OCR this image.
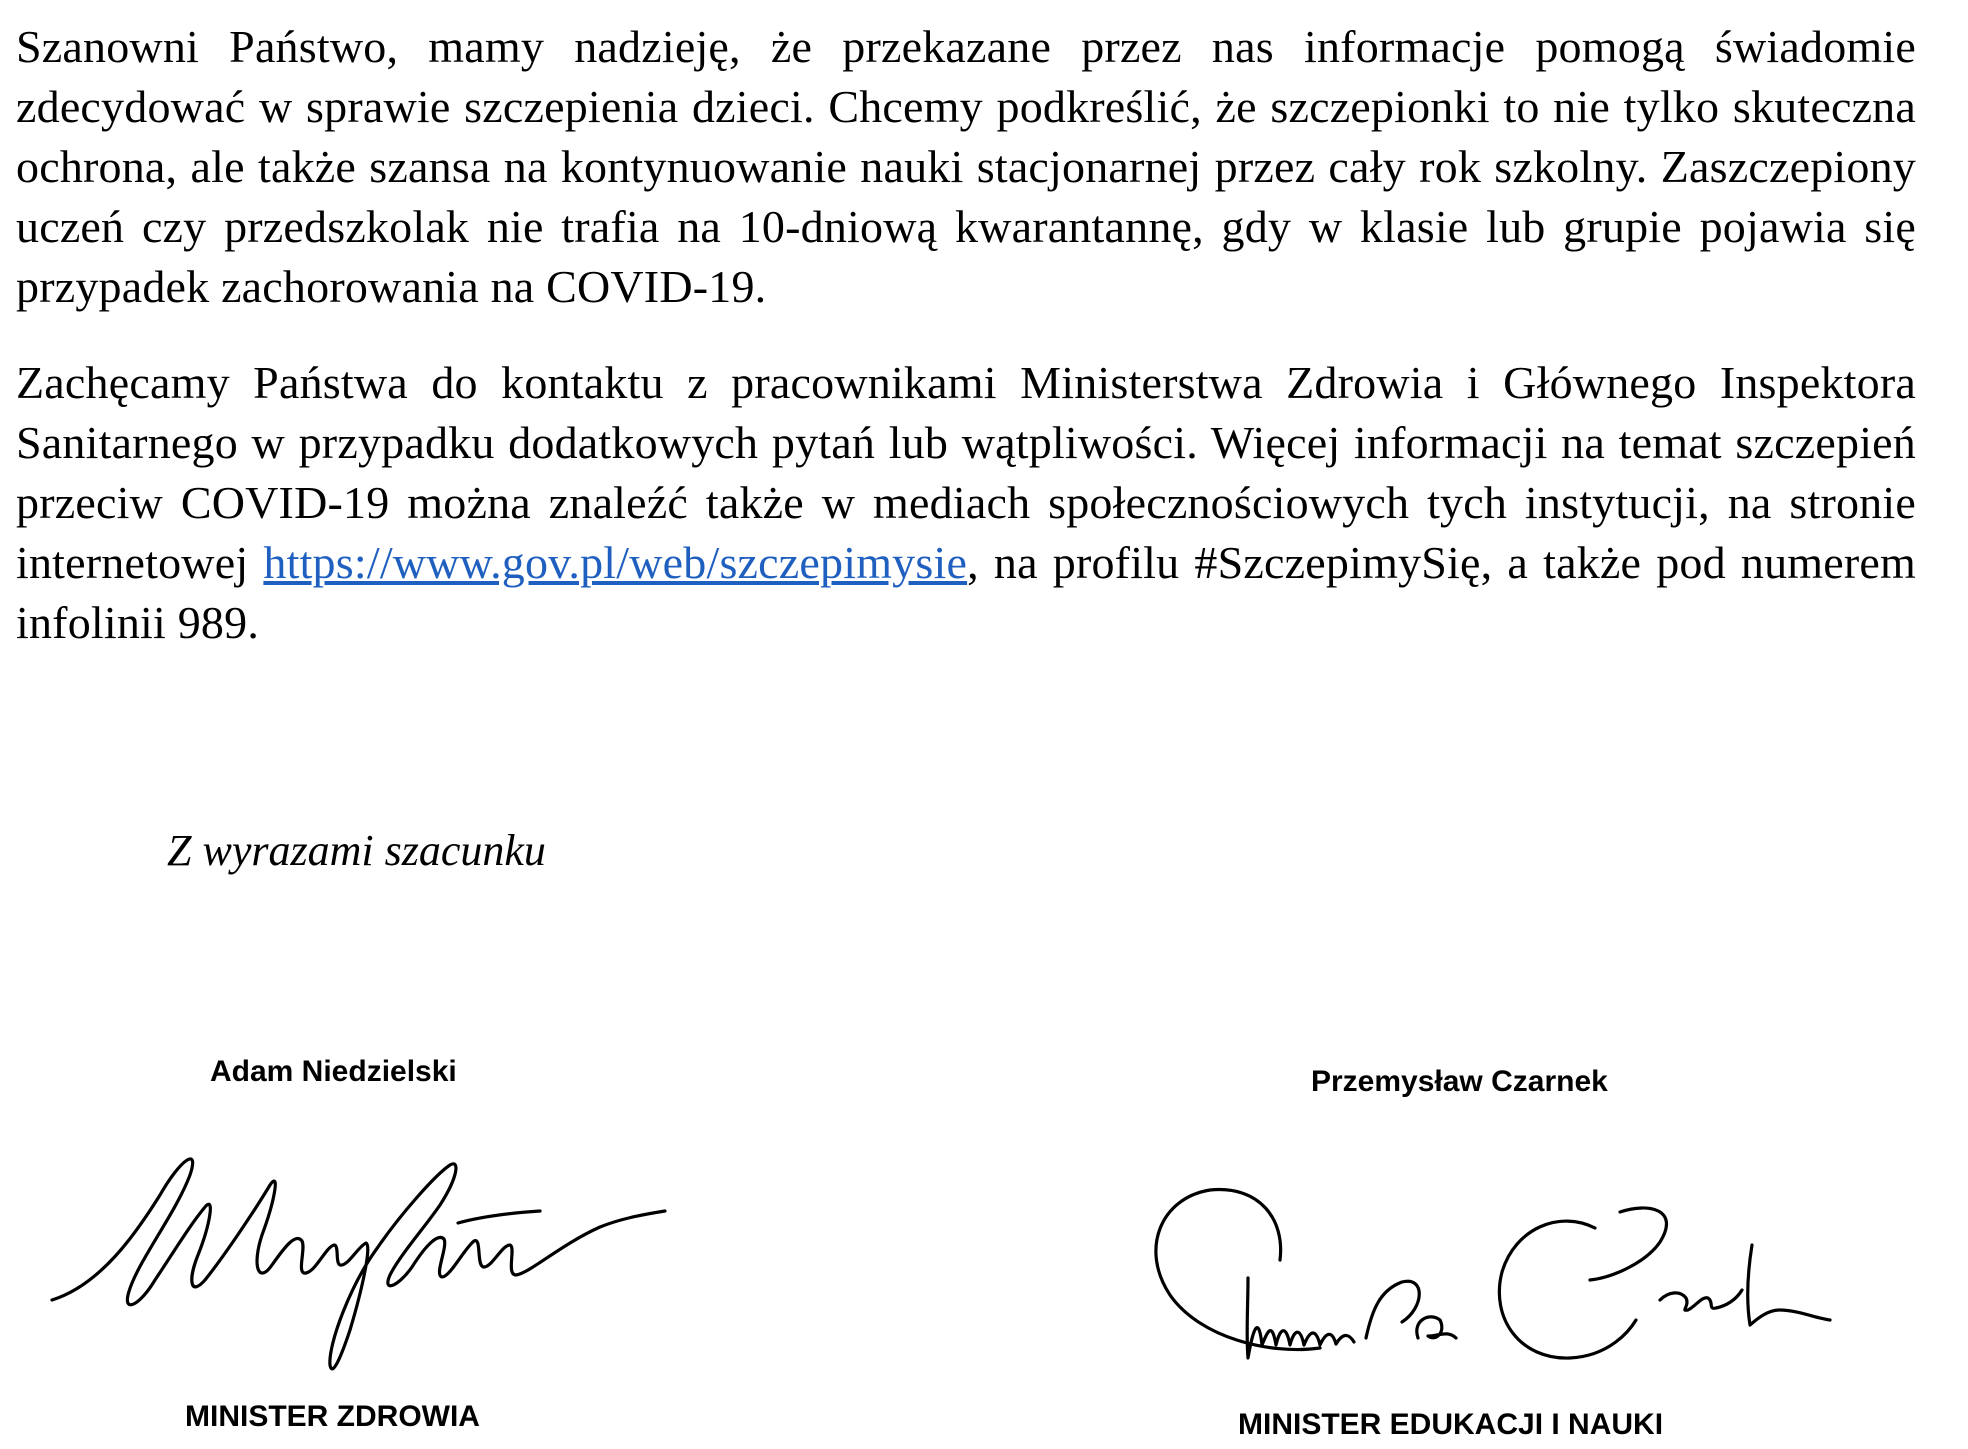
Szanowni Państwo, mamy nadzieję, że przekazane przez nas informacje pomogą świadomie zdecydować w sprawie szczepienia dzieci. Chcemy podkreślić, że szczepionki to nie tylko skuteczna ochrona, ale także szansa na kontynuowanie nauki stacjonarnej przez cały rok szkolny. Zaszczepiony uczeń czy przedszkolak nie trafia na 10-dniową kwarantannę, gdy w klasie lub grupie pojawia się przypadek zachorowania na COVID-19.

Zachęcamy Państwa do kontaktu z pracownikami Ministerstwa Zdrowia i Głównego Inspektora Sanitarnego w przypadku dodatkowych pytań lub wątpliwości. Więcej informacji na temat szczepień przeciw COVID-19 można znaleźć także w mediach społecznościowych tych instytucji, na stronie internetowej https://www.gov.pl/web/szczepimysie, na profilu #SzczepimySię, a także pod numerem infolinii 989.

Z wyrazami szacunku
Adam Niedzielski
MINISTER ZDROWIA
Przemysław Czarnek
MINISTER EDUKACJI I NAUKI
